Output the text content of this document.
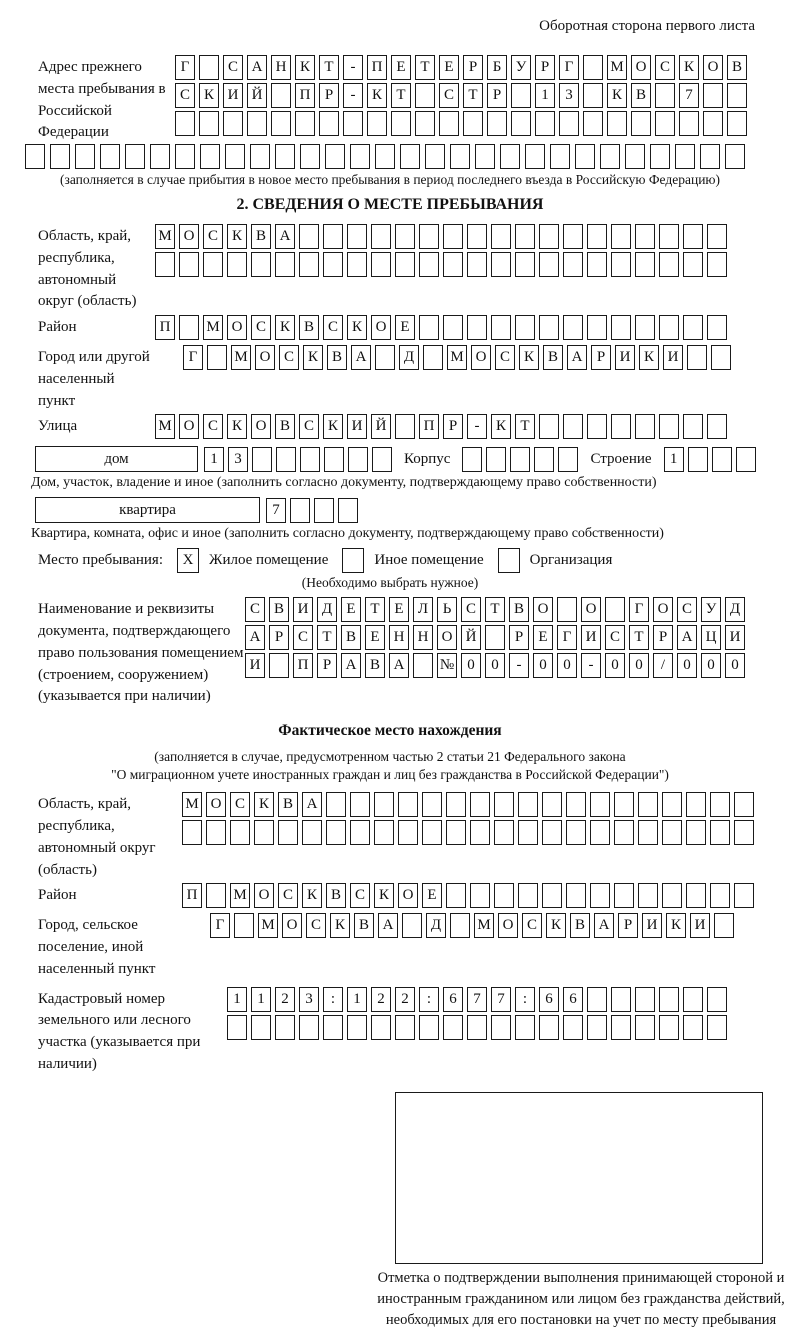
Оборотная сторона первого листа
Адрес прежнего места пребывания в Российской Федерации
Г	С А Н К Т	-	П Е Т Е	Р	Б У Р	Г	М О С К О В
С К И Й	П Р	-	К Т	С Т	Р	1	3	К В	7
(заполняется в случае прибытия в новое место пребывания в период последнего въезда в Российскую Федерацию)
2. СВЕДЕНИЯ О МЕСТЕ ПРЕБЫВАНИЯ
Область, край, республика, автономный округ (область)
М О С К В А
Район	П	М О С К В С К О Е
Город или другой населенный пункт
Г	М О С К В А	Д	М О С К В А Р И К И
Улица	М О С К О В С К И Й	П Р	-	К Т
дом	1	3	Корпус	Строение	1
Дом, участок, владение и иное (заполнить согласно документу, подтверждающему право собственности)
квартира	7
Квартира, комната, офис и иное (заполнить согласно документу, подтверждающему право собственности)
Место пребывания:	X	Жилое помещение	Иное помещение	Организация
(Необходимо выбрать нужное)
Наименование и реквизиты документа, подтверждающего право пользования помещением (строением, сооружением) (указывается при наличии)
С В И Д Е Т Е Л Ь С Т В О	О	Г О С У Д
А Р С Т В Е Н Н О Й	Р	Е	Г И С Т	Р А Ц И
И	П Р А В А	№ 0	0	-	0	0	-	0	0	/	0	0	0
Фактическое место нахождения
(заполняется в случае, предусмотренном частью 2 статьи 21 Федерального закона
"О миграционном учете иностранных граждан и лиц без гражданства в Российской Федерации")
Область, край, республика, автономный округ (область)
М О С К В А
Район	П	М О С К В С К О Е
Город, сельское поселение, иной населенный пункт
Г	М О С К В А	Д	М О С К В А Р И К И
Кадастровый номер земельного или лесного участка (указывается при наличии)
1	1	2	3	:	1	2	2	:	6	7	7	:	6	6
Отметка о подтверждении выполнения принимающей стороной и иностранным гражданином или лицом без гражданства действий, необходимых для его постановки на учет по месту пребывания
